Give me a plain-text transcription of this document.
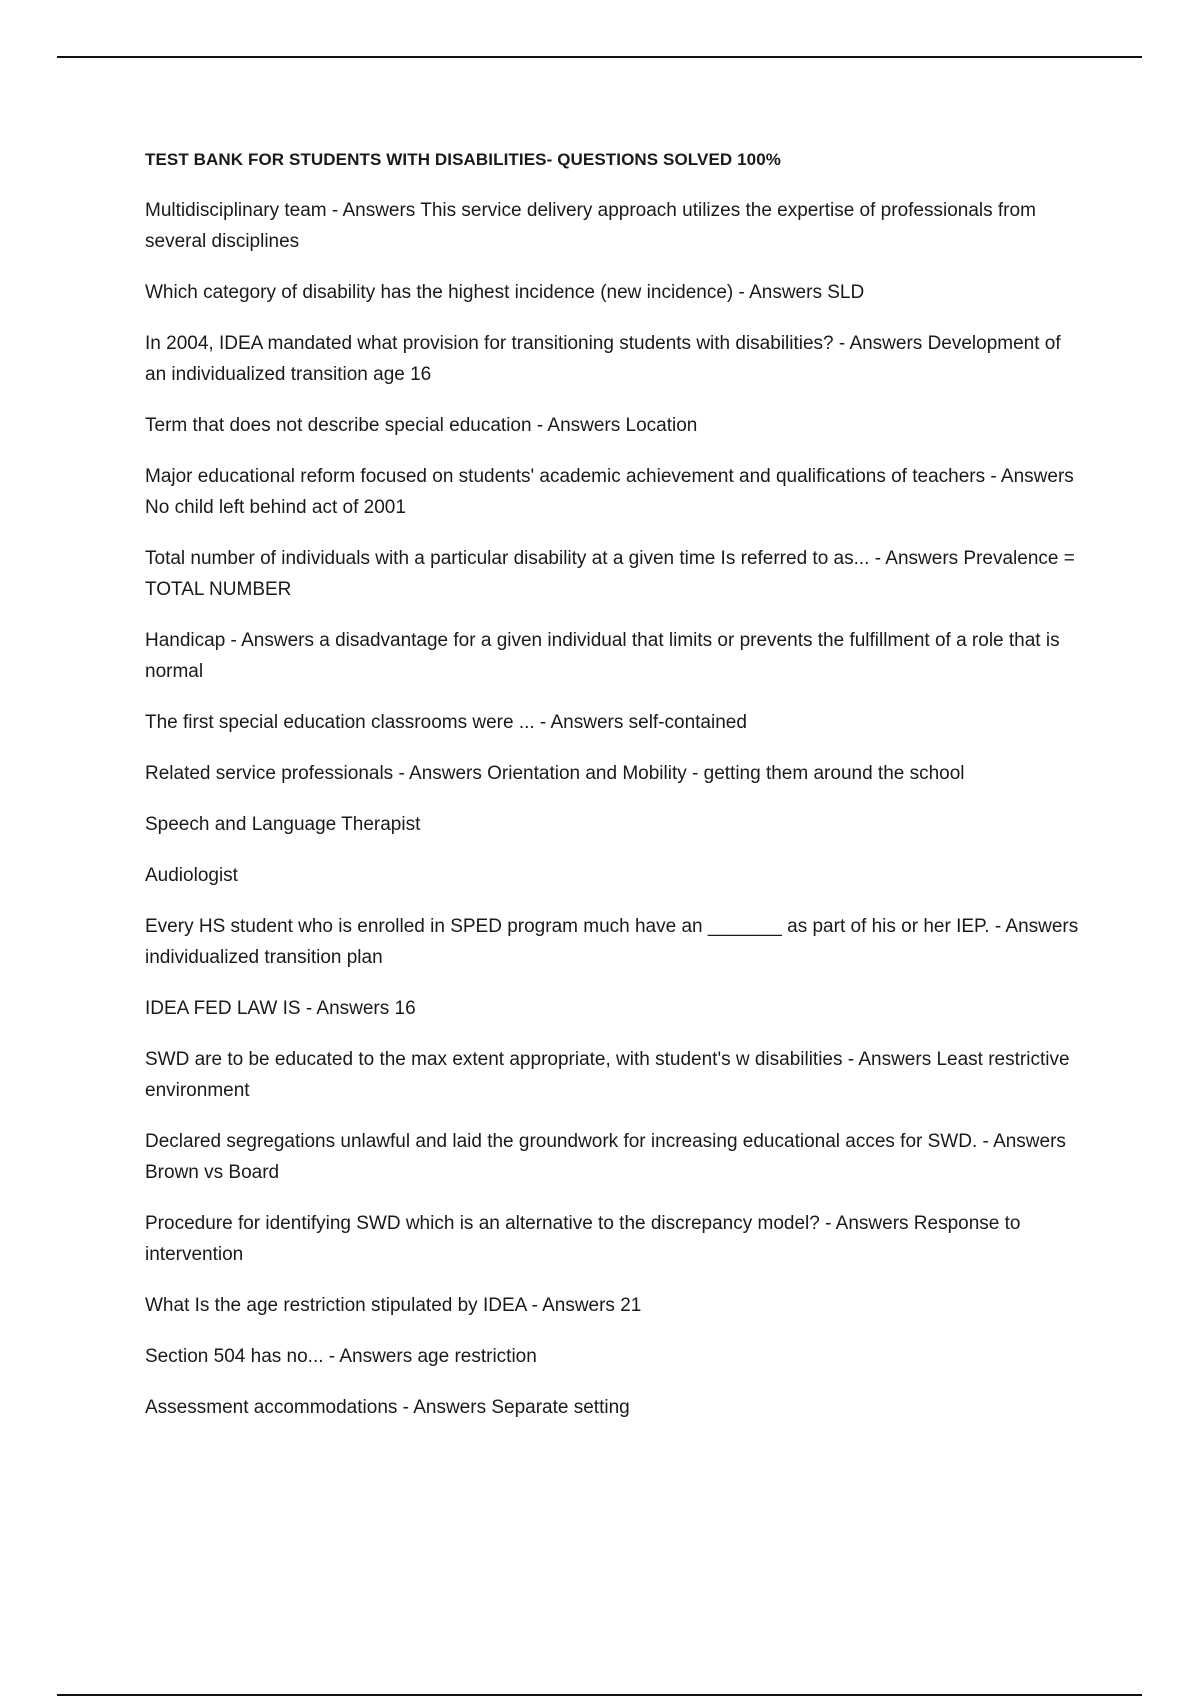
TEST BANK FOR STUDENTS WITH DISABILITIES- QUESTIONS SOLVED 100%
Multidisciplinary team - Answers This service delivery approach utilizes the expertise of professionals from several disciplines
Which category of disability has the highest incidence (new incidence) - Answers SLD
In 2004, IDEA mandated what provision for transitioning students with disabilities? - Answers Development of an individualized transition age 16
Term that does not describe special education - Answers Location
Major educational reform focused on students' academic achievement and qualifications of teachers - Answers No child left behind act of 2001
Total number of individuals with a particular disability at a given time Is referred to as... - Answers Prevalence = TOTAL NUMBER
Handicap - Answers a disadvantage for a given individual that limits or prevents the fulfillment of a role that is normal
The first special education classrooms were ... - Answers self-contained
Related service professionals - Answers Orientation and Mobility - getting them around the school
Speech and Language Therapist
Audiologist
Every HS student who is enrolled in SPED program much have an _______ as part of his or her IEP. - Answers individualized transition plan
IDEA FED LAW IS - Answers 16
SWD are to be educated to the max extent appropriate, with student's w disabilities - Answers Least restrictive environment
Declared segregations unlawful and laid the groundwork for increasing educational acces for SWD. - Answers Brown vs Board
Procedure for identifying SWD which is an alternative to the discrepancy model? - Answers Response to intervention
What Is the age restriction stipulated by IDEA - Answers 21
Section 504 has no... - Answers age restriction
Assessment accommodations - Answers Separate setting
